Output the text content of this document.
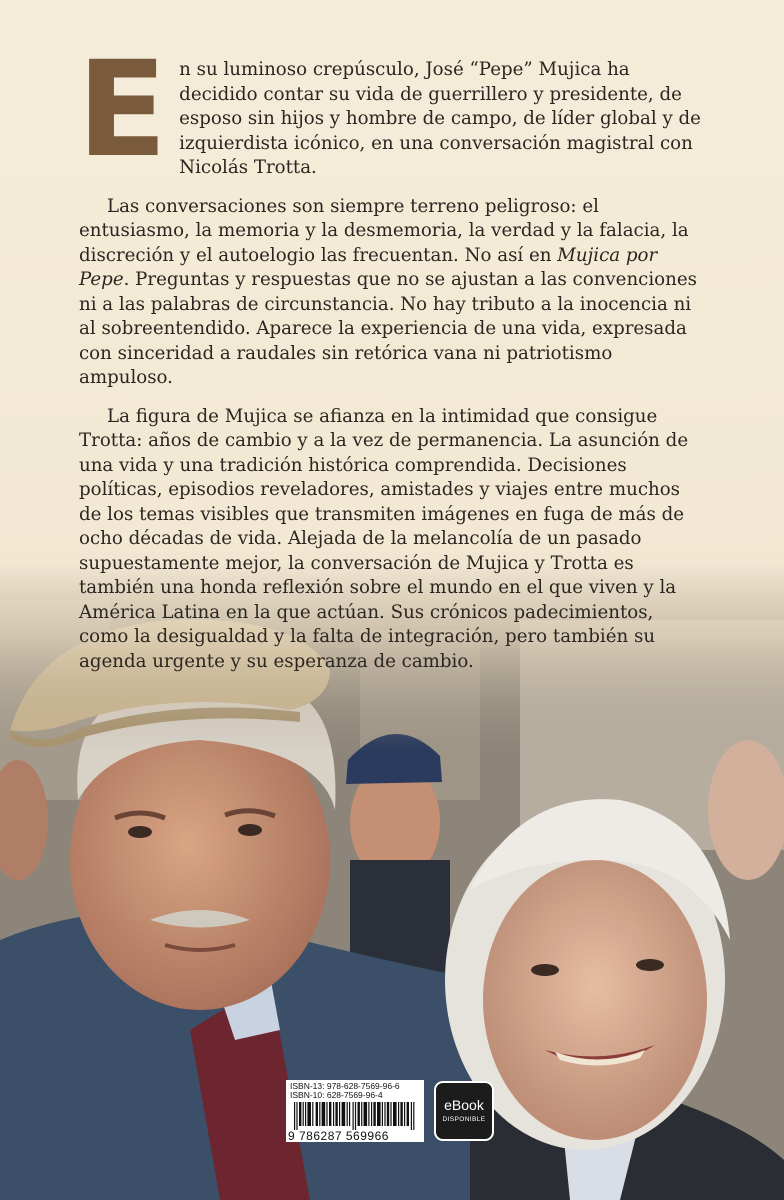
En su luminoso crepúsculo, José “Pepe” Mujica ha decidido contar su vida de guerrillero y presidente, de esposo sin hijos y hombre de campo, de líder global y de izquierdista icónico, en una conversación magistral con Nicolás Trotta.

Las conversaciones son siempre terreno peligroso: el entusiasmo, la memoria y la desmemoria, la verdad y la falacia, la discreción y el autoelogio las frecuentan. No así en Mujica por Pepe. Preguntas y respuestas que no se ajustan a las convenciones ni a las palabras de circunstancia. No hay tributo a la inocencia ni al sobreentendido. Aparece la experiencia de una vida, expresada con sinceridad a raudales sin retórica vana ni patriotismo ampuloso.

La figura de Mujica se afianza en la intimidad que consigue Trotta: años de cambio y a la vez de permanencia. La asunción de una vida y una tradición histórica comprendida. Decisiones políticas, episodios reveladores, amistades y viajes entre muchos de los temas visibles que transmiten imágenes en fuga de más de ocho décadas de vida. Alejada de la melancolía de un pasado supuestamente mejor, la conversación de Mujica y Trotta es también una honda reflexión sobre el mundo en el que viven y la América Latina en la que actúan. Sus crónicos padecimientos, como la desigualdad y la falta de integración, pero también su agenda urgente y su esperanza de cambio.

ISBN-13: 978-628-7569-96-6
ISBN-10: 628-7569-96-4
9 786287 569966
eBook
DISPONIBLE
